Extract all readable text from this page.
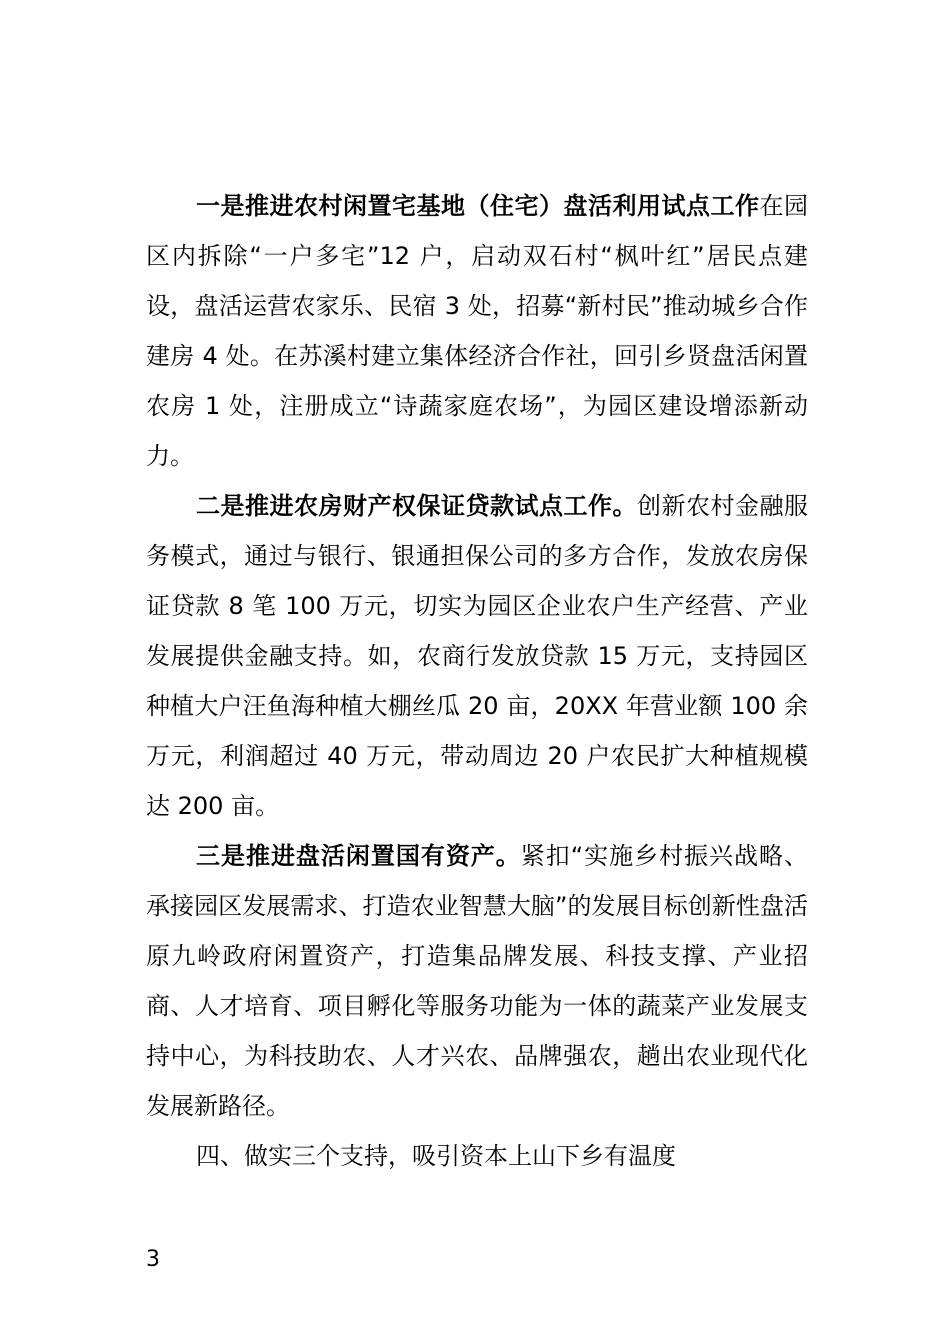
一是推进农村闲置宅基地（住宅）盘活利用试点工作在园区内拆除“一户多宅”12 户，启动双石村“枫叶红”居民点建设，盘活运营农家乐、民宿 3 处，招募“新村民”推动城乡合作建房 4 处。在苏溪村建立集体经济合作社，回引乡贤盘活闲置农房 1 处，注册成立“诗蔬家庭农场”，为园区建设增添新动力。

二是推进农房财产权保证贷款试点工作。创新农村金融服务模式，通过与银行、银通担保公司的多方合作，发放农房保证贷款 8 笔 100 万元，切实为园区企业农户生产经营、产业发展提供金融支持。如，农商行发放贷款 15 万元，支持园区种植大户汪鱼海种植大棚丝瓜 20 亩，20XX 年营业额 100 余万元，利润超过 40 万元，带动周边 20 户农民扩大种植规模达 200 亩。

三是推进盘活闲置国有资产。紧扣“实施乡村振兴战略、承接园区发展需求、打造农业智慧大脑”的发展目标创新性盘活原九岭政府闲置资产，打造集品牌发展、科技支撑、产业招商、人才培育、项目孵化等服务功能为一体的蔬菜产业发展支持中心，为科技助农、人才兴农、品牌强农，趟出农业现代化发展新路径。

四、做实三个支持，吸引资本上山下乡有温度

3
